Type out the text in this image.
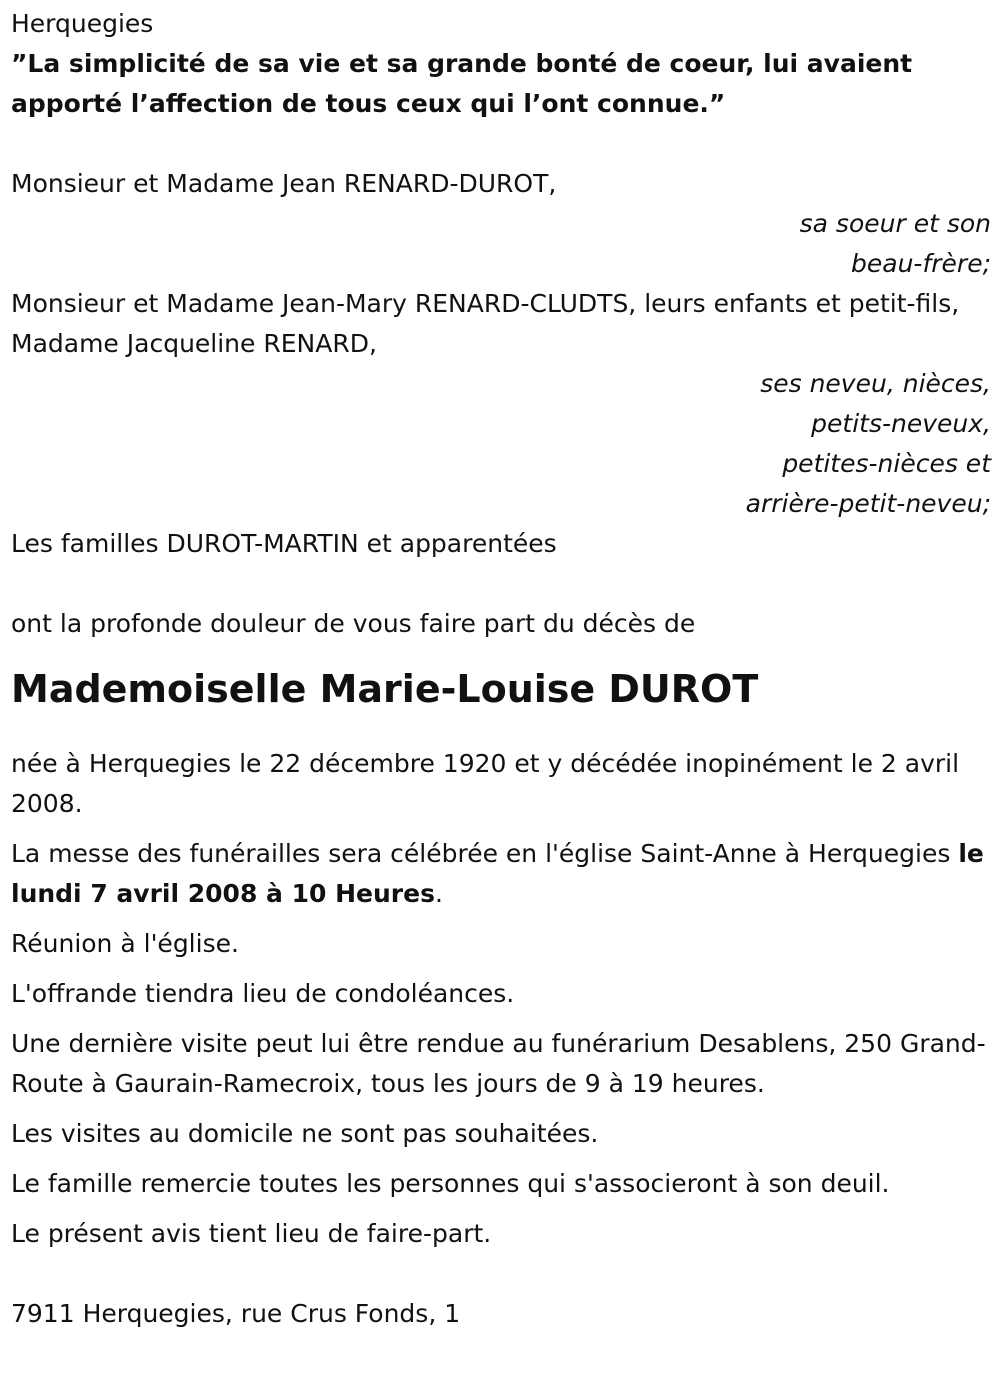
Herquegies

”La simplicité de sa vie et sa grande bonté de coeur, lui avaient apporté l’affection de tous ceux qui l’ont connue.”

Monsieur et Madame Jean RENARD-DUROT,

sa soeur et son

beau-frère;

Monsieur et Madame Jean-Mary RENARD-CLUDTS, leurs enfants et petit-fils,

Madame Jacqueline RENARD,

ses neveu, nièces,

petits-neveux,

petites-nièces et

arrière-petit-neveu;

Les familles DUROT-MARTIN et apparentées

ont la profonde douleur de vous faire part du décès de

Mademoiselle Marie-Louise DUROT

née à Herquegies le 22 décembre 1920 et y décédée inopinément le 2 avril 2008.

La messe des funérailles sera célébrée en l'église Saint-Anne à Herquegies le lundi 7 avril 2008 à 10 Heures.

Réunion à l'église.

L'offrande tiendra lieu de condoléances.

Une dernière visite peut lui être rendue au funérarium Desablens, 250 Grand-Route à Gaurain-Ramecroix, tous les jours de 9 à 19 heures.

Les visites au domicile ne sont pas souhaitées.

Le famille remercie toutes les personnes qui s'associeront à son deuil.

Le présent avis tient lieu de faire-part.

7911 Herquegies, rue Crus Fonds, 1
